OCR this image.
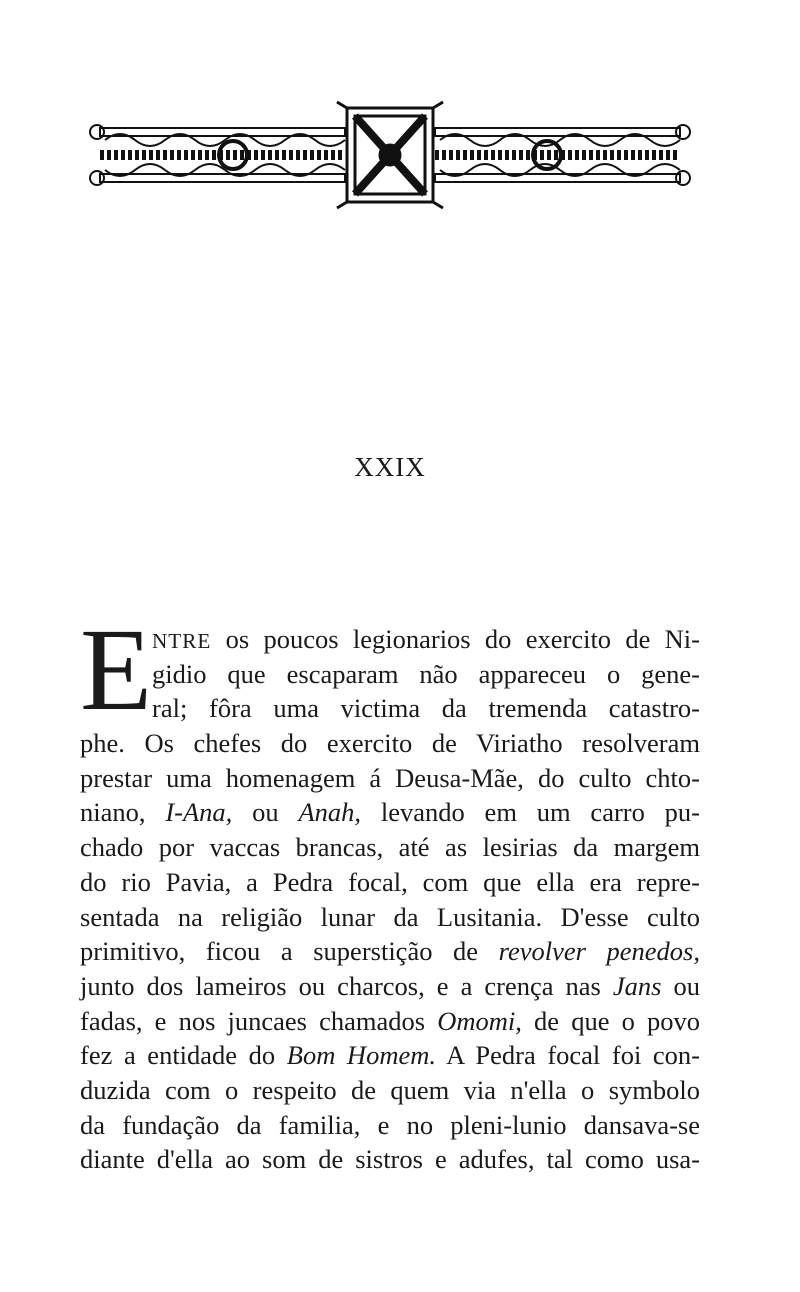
XXIX
E NTRE os poucos legionarios do exercito de Ni-
gidio que escaparam não appareceu o gene-
ral; fôra uma victima da tremenda catastro-
phe. Os chefes do exercito de Viriatho resolveram
prestar uma homenagem á Deusa-Mãe, do culto chto-
niano, I-Ana, ou Anah, levando em um carro pu-
chado por vaccas brancas, até as lesirias da margem
do rio Pavia, a Pedra focal, com que ella era repre-
sentada na religião lunar da Lusitania. D'esse culto
primitivo, ficou a superstição de revolver penedos,
junto dos lameiros ou charcos, e a crença nas Jans ou
fadas, e nos juncaes chamados Omomi, de que o povo
fez a entidade do Bom Homem. A Pedra focal foi con-
duzida com o respeito de quem via n'ella o symbolo
da fundação da familia, e no pleni-lunio dansava-se
diante d'ella ao som de sistros e adufes, tal como usa-
